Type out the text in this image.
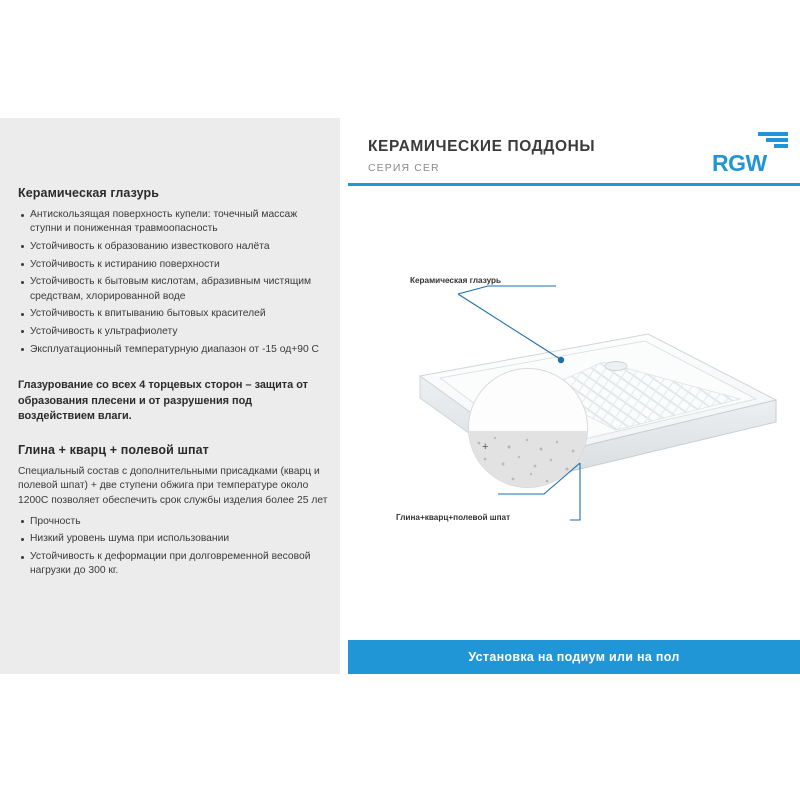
Керамическая глазурь
Антискользящая поверхность купели: точечный массаж ступни и пониженная травмоопасность
Устойчивость к образованию известкового налёта
Устойчивость к истиранию поверхности
Устойчивость к бытовым кислотам, абразивным чистящим средствам, хлорированной воде
Устойчивость к впитыванию бытовых красителей
Устойчивость к ультрафиолету
Эксплуатационный температурную диапазон от -15 од+90 С

Глазурование со всех 4 торцевых сторон – защита от образования плесени и от разрушения под воздействием влаги.

Глина + кварц + полевой шпат

Специальный состав с дополнительными присадками (кварц и полевой шпат) + две ступени обжига при температуре около 1200С позволяет обеспечить срок службы изделия более 25 лет

Прочность
Низкий уровень шума при использовании
Устойчивость к деформации при долговременной весовой нагрузки до 300 кг.
КЕРАМИЧЕСКИЕ ПОДДОНЫ
СЕРИЯ CER	RGW
+
Керамическая глазурь
Глина+кварц+полевой шпат
Установка на подиум или на пол
